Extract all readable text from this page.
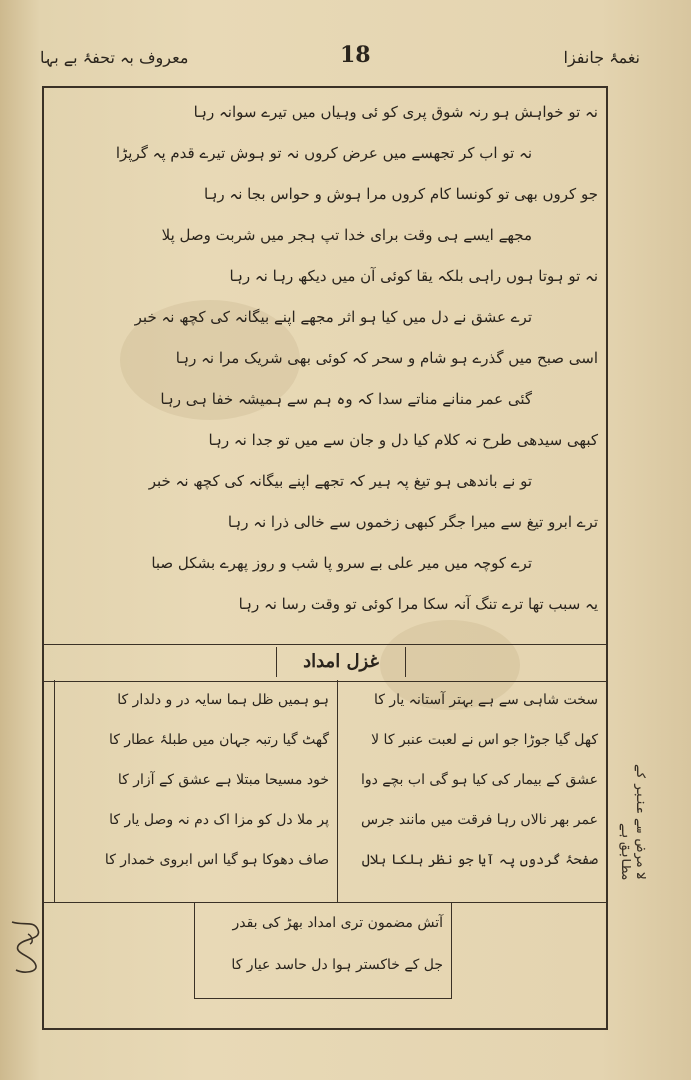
معروف بہ تحفۂ بے بہا	18	نغمۂ جانفزا
نہ تو خواہش ہو رنہ شوق پری کو ئی وہیاں میں تیرے سوانہ رہا
نہ تو اب کر تجھسے میں عرض کروں نہ تو ہوش تیرے قدم پہ گرپڑا
جو کروں بھی تو کونسا کام کروں مرا ہوش و حواس بجا نہ رہا
مجھے ایسے ہی وقت برای خدا تپ ہجر میں شربت وصل پلا
نہ تو ہوتا ہوں راہی بلکہ یقا کوئی آن میں دیکھ رہا نہ رہا
ترے عشق نے دل میں کیا ہو اثر مجھے اپنے بیگانہ کی کچھ نہ خبر
اسی صبح میں گذرے ہو شام و سحر کہ کوئی بھی شریک مرا نہ رہا
گئی عمر منانے مناتے سدا کہ وہ ہم سے ہمیشہ خفا ہی رہا
کبھی سیدھی طرح نہ کلام کیا دل و جان سے میں تو جدا نہ رہا
تو نے باندھی ہو تیغ پہ ہیر کہ تجھے اپنے بیگانہ کی کچھ نہ خبر
ترے ابرو تیغ سے میرا جگر کبھی زخموں سے خالی ذرا نہ رہا
ترے کوچہ میں میر علی بے سرو پا شب و روز پھرے بشکل صبا
یہ سبب تھا ترے تنگ آنہ سکا مرا کوئی تو وقت رسا نہ رہا
غزل امداد
سخت شاہی سے ہے بہتر آستانہ یار کا
کھل گیا جوڑا جو اس نے لعبت عنبر کا لا
عشق کے بیمار کی کیا ہو گی اب بچے دوا
عمر بھر نالاں رہا فرقت میں مانند جرس
صفحۂ گردوں پہ آیا جو نظر ہلکا ہلال
ہو ہمیں ظل ہما سایہ در و دلدار کا
گھٹ گیا رتبہ جہان میں طبلۂ عطار کا
خود مسیحا مبتلا ہے عشق کے آزار کا
پر ملا دل کو مزا اک دم نہ وصل یار کا
صاف دھوکا ہو گیا اس ابروی خمدار کا
آتش مضمون تری امداد بھڑ کی بقدر
جل کے خاکستر ہوا دل حاسد عیار کا
لا مرض سے عنبر کے مطابق ہے
